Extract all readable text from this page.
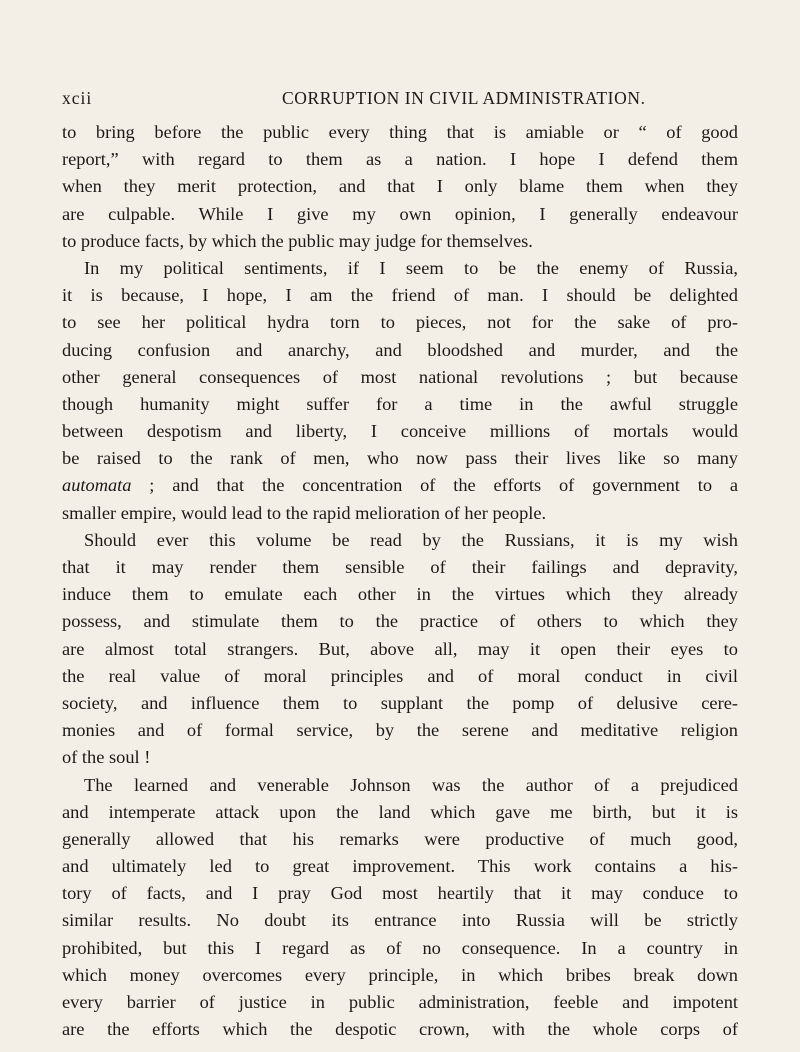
xcii	CORRUPTION IN CIVIL ADMINISTRATION.
to bring before the public every thing that is amiable or “ of good
report,” with regard to them as a nation. I hope I defend them
when they merit protection, and that I only blame them when they
are culpable. While I give my own opinion, I generally endeavour
to produce facts, by which the public may judge for themselves.
In my political sentiments, if I seem to be the enemy of Russia,
it is because, I hope, I am the friend of man. I should be delighted
to see her political hydra torn to pieces, not for the sake of pro-
ducing confusion and anarchy, and bloodshed and murder, and the
other general consequences of most national revolutions ; but because
though humanity might suffer for a time in the awful struggle
between despotism and liberty, I conceive millions of mortals would
be raised to the rank of men, who now pass their lives like so many
automata ; and that the concentration of the efforts of government to a
smaller empire, would lead to the rapid melioration of her people.
Should ever this volume be read by the Russians, it is my wish
that it may render them sensible of their failings and depravity,
induce them to emulate each other in the virtues which they already
possess, and stimulate them to the practice of others to which they
are almost total strangers. But, above all, may it open their eyes to
the real value of moral principles and of moral conduct in civil
society, and influence them to supplant the pomp of delusive cere-
monies and of formal service, by the serene and meditative religion
of the soul !
The learned and venerable Johnson was the author of a prejudiced
and intemperate attack upon the land which gave me birth, but it is
generally allowed that his remarks were productive of much good,
and ultimately led to great improvement. This work contains a his-
tory of facts, and I pray God most heartily that it may conduce to
similar results. No doubt its entrance into Russia will be strictly
prohibited, but this I regard as of no consequence. In a country in
which money overcomes every principle, in which bribes break down
every barrier of justice in public administration, feeble and impotent
are the efforts which the despotic crown, with the whole corps of
